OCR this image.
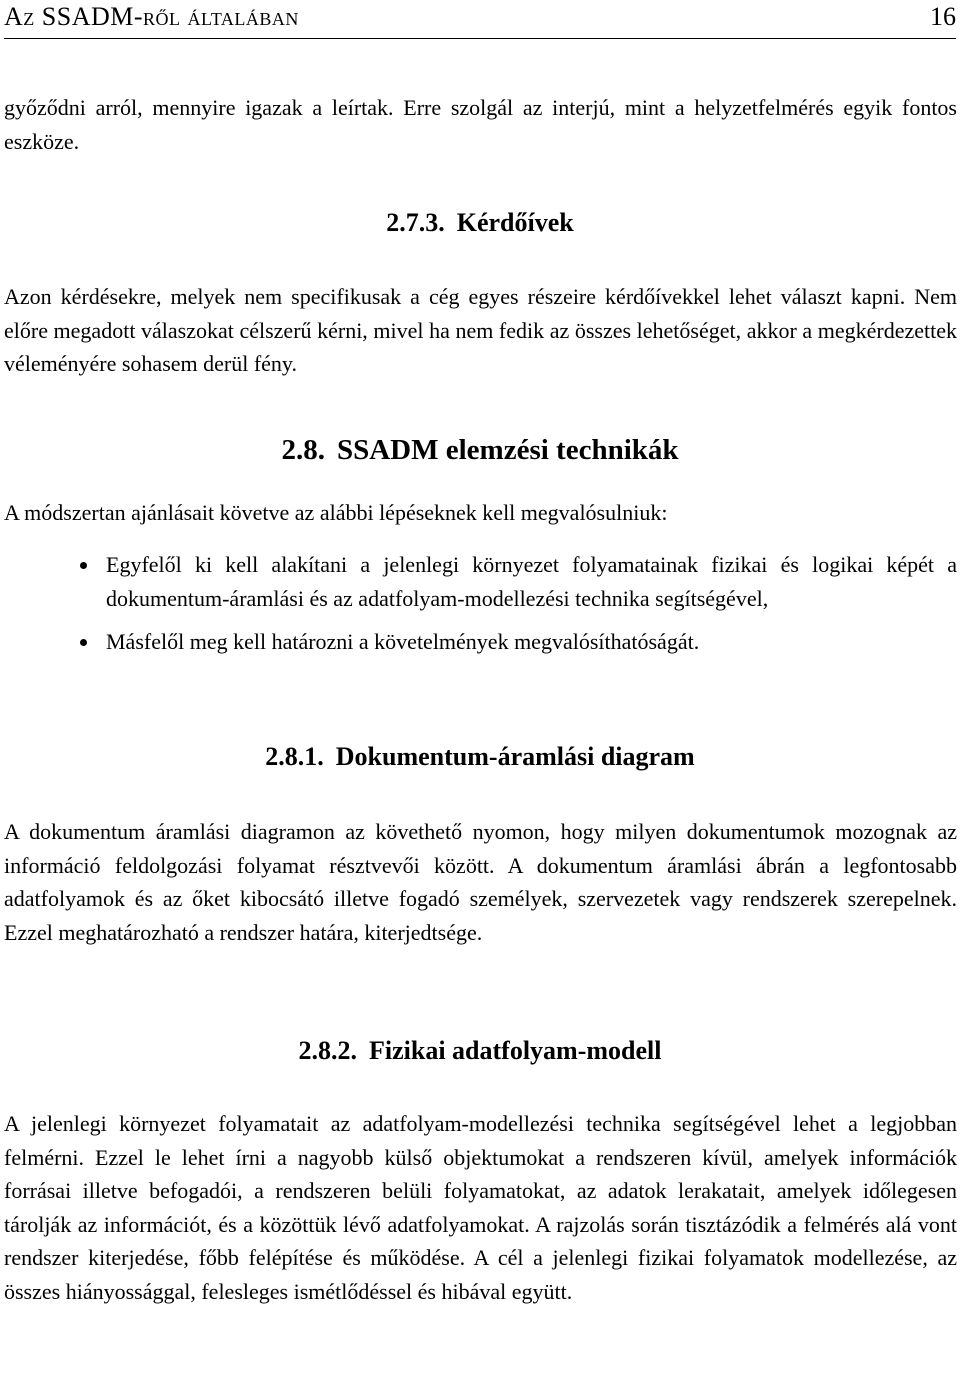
Az SSADM-ről általában	16

győződni arról, mennyire igazak a leírtak. Erre szolgál az interjú, mint a helyzetfelmérés egyik fontos eszköze.

2.7.3. Kérdőívek

Azon kérdésekre, melyek nem specifikusak a cég egyes részeire kérdőívekkel lehet választ kapni. Nem előre megadott válaszokat célszerű kérni, mivel ha nem fedik az összes lehetőséget, akkor a megkérdezettek véleményére sohasem derül fény.

2.8. SSADM elemzési technikák

A módszertan ajánlásait követve az alábbi lépéseknek kell megvalósulniuk:

Egyfelől ki kell alakítani a jelenlegi környezet folyamatainak fizikai és logikai képét a dokumentum-áramlási és az adatfolyam-modellezési technika segítségével,
Másfelől meg kell határozni a követelmények megvalósíthatóságát.
2.8.1. Dokumentum-áramlási diagram

A dokumentum áramlási diagramon az követhető nyomon, hogy milyen dokumentumok mozognak az információ feldolgozási folyamat résztvevői között. A dokumentum áramlási ábrán a legfontosabb adatfolyamok és az őket kibocsátó illetve fogadó személyek, szervezetek vagy rendszerek szerepelnek. Ezzel meghatározható a rendszer határa, kiterjedtsége.

2.8.2. Fizikai adatfolyam-modell

A jelenlegi környezet folyamatait az adatfolyam-modellezési technika segítségével lehet a legjobban felmérni. Ezzel le lehet írni a nagyobb külső objektumokat a rendszeren kívül, amelyek információk forrásai illetve befogadói, a rendszeren belüli folyamatokat, az adatok lerakatait, amelyek időlegesen tárolják az információt, és a közöttük lévő adatfolyamokat. A rajzolás során tisztázódik a felmérés alá vont rendszer kiterjedése, főbb felépítése és működése. A cél a jelenlegi fizikai folyamatok modellezése, az összes hiányossággal, felesleges ismétlődéssel és hibával együtt.
